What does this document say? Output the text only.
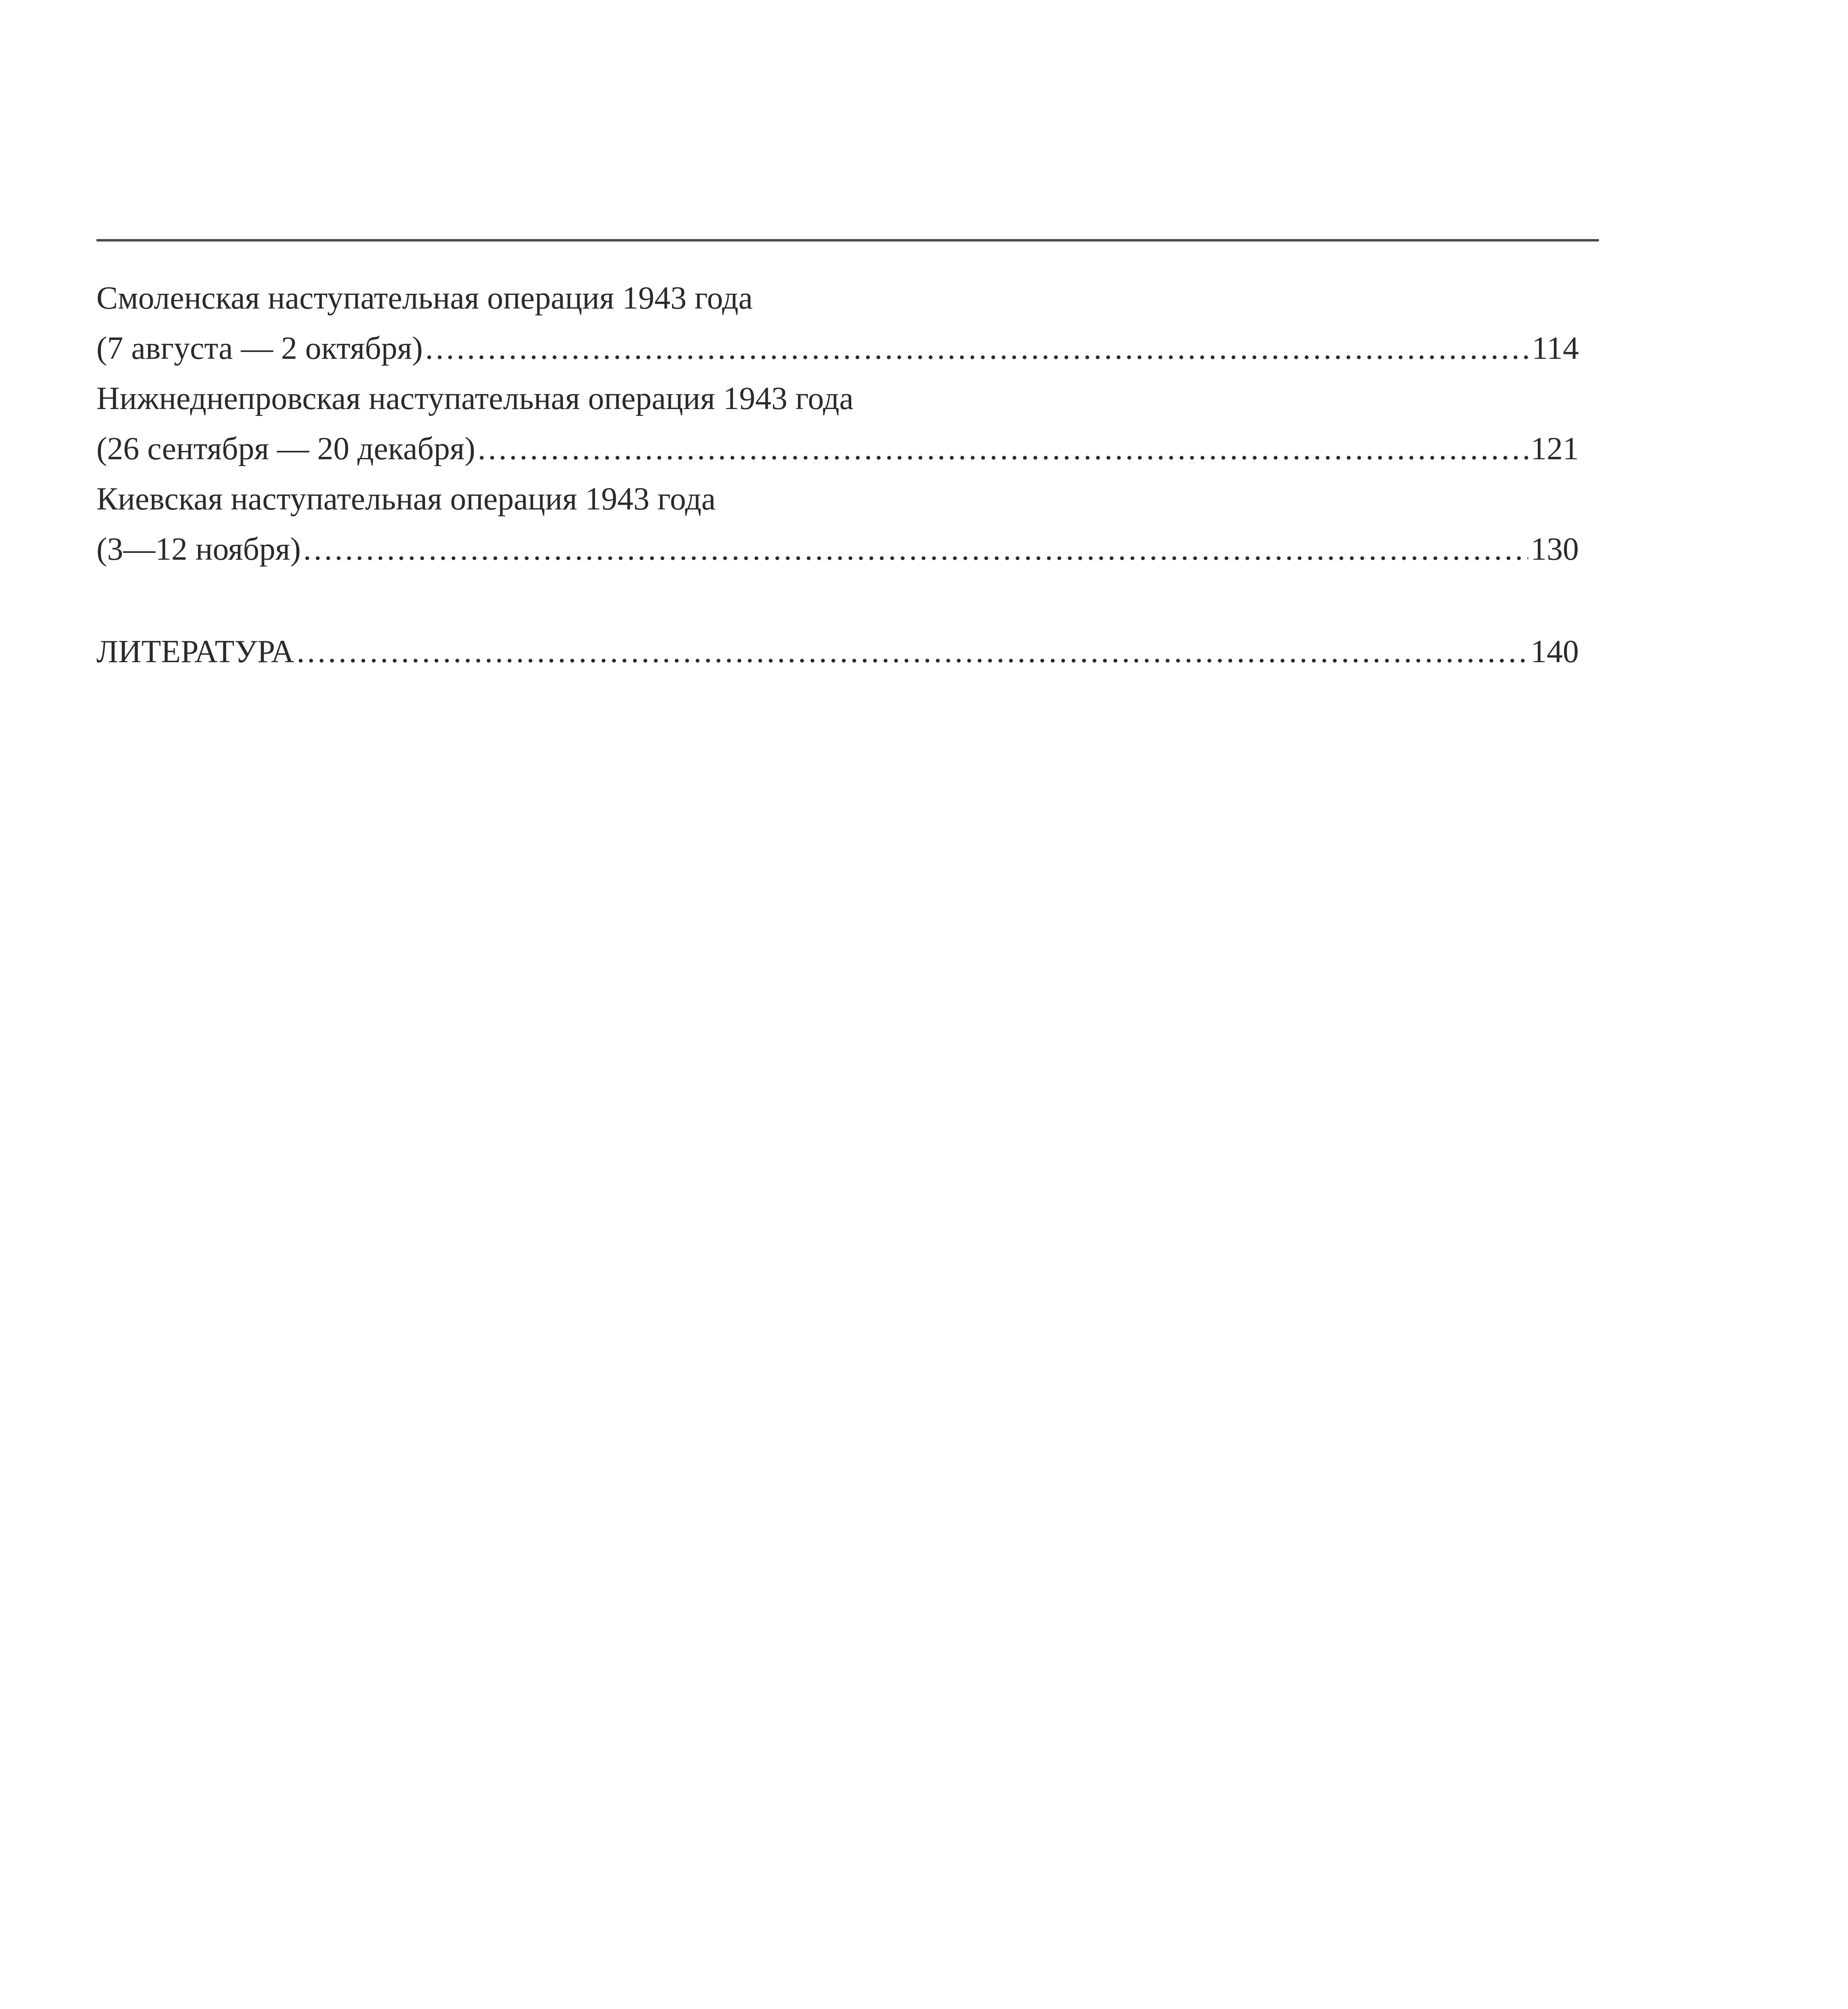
Смоленская наступательная операция 1943 года
(7 августа — 2 октября) .....	114
Нижнеднепровская наступательная операция 1943 года
(26 сентября — 20 декабря) .....	121
Киевская наступательная операция 1943 года
(3—12 ноября) .....	130
ЛИТЕРАТУРА .....	140
